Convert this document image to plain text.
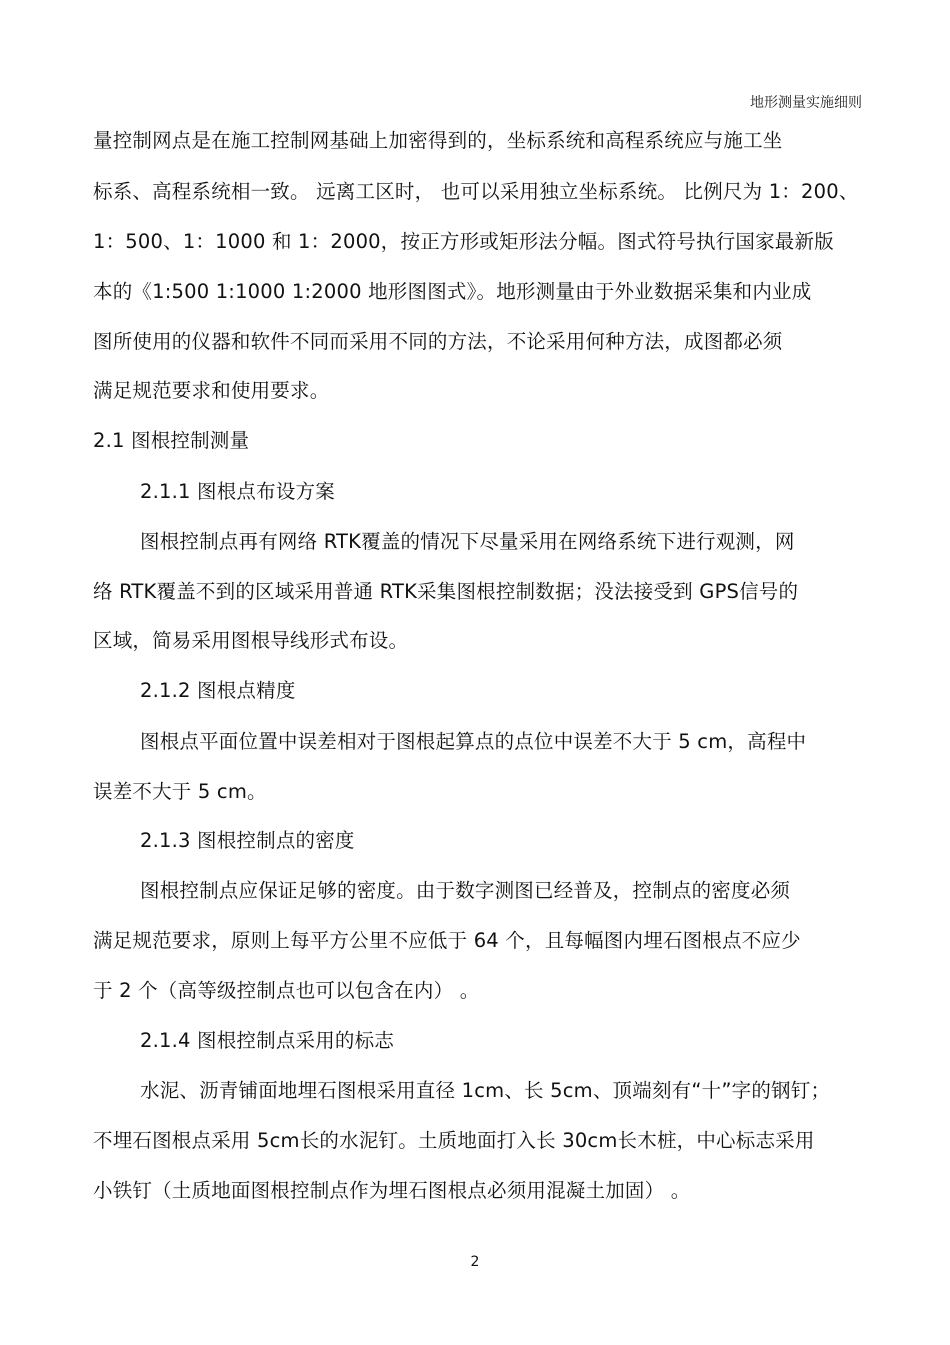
地形测量实施细则
量控制网点是在施工控制网基础上加密得到的，坐标系统和高程系统应与施工坐
标系、高程系统相一致。 远离工区时， 也可以采用独立坐标系统。 比例尺为 1：200、
1：500、1：1000 和 1：2000，按正方形或矩形法分幅。图式符号执行国家最新版
本的《1:500 1:1000 1:2000 地形图图式》。地形测量由于外业数据采集和内业成
图所使用的仪器和软件不同而采用不同的方法，不论采用何种方法，成图都必须
满足规范要求和使用要求。
2.1 图根控制测量
2.1.1 图根点布设方案
图根控制点再有网络 RTK覆盖的情况下尽量采用在网络系统下进行观测，网
络 RTK覆盖不到的区域采用普通 RTK采集图根控制数据；没法接受到 GPS信号的
区域，简易采用图根导线形式布设。
2.1.2 图根点精度
图根点平面位置中误差相对于图根起算点的点位中误差不大于 5 cm，高程中
误差不大于 5 cm。
2.1.3 图根控制点的密度
图根控制点应保证足够的密度。由于数字测图已经普及，控制点的密度必须
满足规范要求，原则上每平方公里不应低于 64 个，且每幅图内埋石图根点不应少
于 2 个（高等级控制点也可以包含在内） 。
2.1.4 图根控制点采用的标志
水泥、沥青铺面地埋石图根采用直径 1cm、长 5cm、顶端刻有“十”字的钢钉；
不埋石图根点采用 5cm长的水泥钉。土质地面打入长 30cm长木桩，中心标志采用
小铁钉（土质地面图根控制点作为埋石图根点必须用混凝土加固） 。
2
